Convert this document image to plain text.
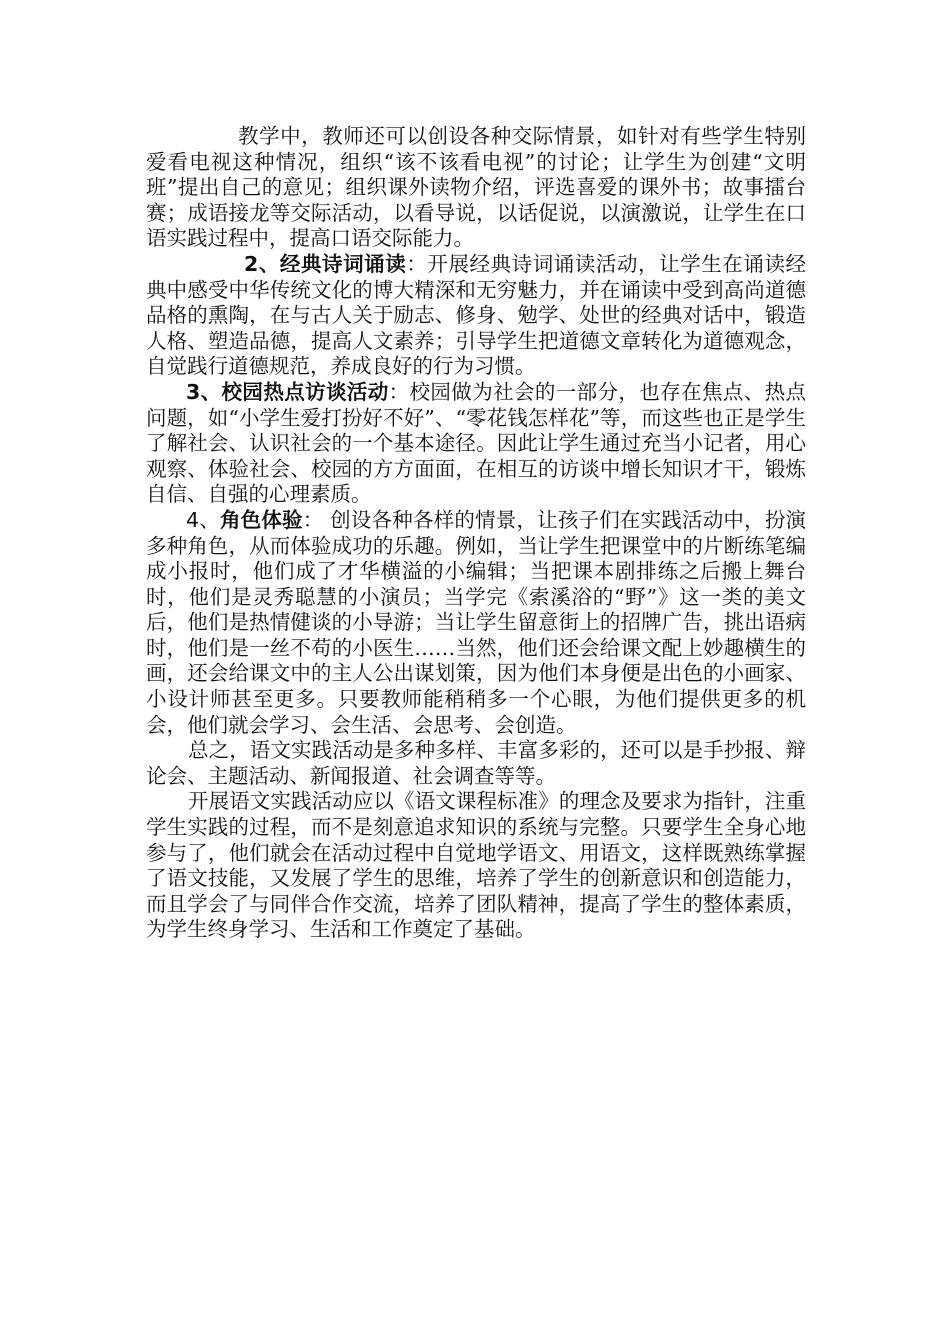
教学中，教师还可以创设各种交际情景，如针对有些学生特别爱看电视这种情况，组织“该不该看电视”的讨论；让学生为创建“文明班”提出自己的意见；组织课外读物介绍，评选喜爱的课外书；故事擂台赛；成语接龙等交际活动，以看导说，以话促说，以演激说，让学生在口语实践过程中，提高口语交际能力。

2、经典诗词诵读：开展经典诗词诵读活动，让学生在诵读经典中感受中华传统文化的博大精深和无穷魅力，并在诵读中受到高尚道德品格的熏陶，在与古人关于励志、修身、勉学、处世的经典对话中，锻造人格、塑造品德，提高人文素养；引导学生把道德文章转化为道德观念，自觉践行道德规范，养成良好的行为习惯。

3、校园热点访谈活动：校园做为社会的一部分，也存在焦点、热点问题，如“小学生爱打扮好不好”、“零花钱怎样花”等，而这些也正是学生了解社会、认识社会的一个基本途径。因此让学生通过充当小记者，用心观察、体验社会、校园的方方面面，在相互的访谈中增长知识才干，锻炼自信、自强的心理素质。

4、角色体验： 创设各种各样的情景，让孩子们在实践活动中，扮演多种角色，从而体验成功的乐趣。例如，当让学生把课堂中的片断练笔编成小报时，他们成了才华横溢的小编辑；当把课本剧排练之后搬上舞台时，他们是灵秀聪慧的小演员；当学完《索溪浴的“野”》这一类的美文后，他们是热情健谈的小导游；当让学生留意街上的招牌广告，挑出语病时，他们是一丝不苟的小医生……当然，他们还会给课文配上妙趣横生的画，还会给课文中的主人公出谋划策，因为他们本身便是出色的小画家、小设计师甚至更多。只要教师能稍稍多一个心眼，为他们提供更多的机会，他们就会学习、会生活、会思考、会创造。

总之，语文实践活动是多种多样、丰富多彩的，还可以是手抄报、辩论会、主题活动、新闻报道、社会调查等等。

开展语文实践活动应以《语文课程标准》的理念及要求为指针，注重学生实践的过程，而不是刻意追求知识的系统与完整。只要学生全身心地参与了，他们就会在活动过程中自觉地学语文、用语文，这样既熟练掌握了语文技能，又发展了学生的思维，培养了学生的创新意识和创造能力，而且学会了与同伴合作交流，培养了团队精神，提高了学生的整体素质，为学生终身学习、生活和工作奠定了基础。
